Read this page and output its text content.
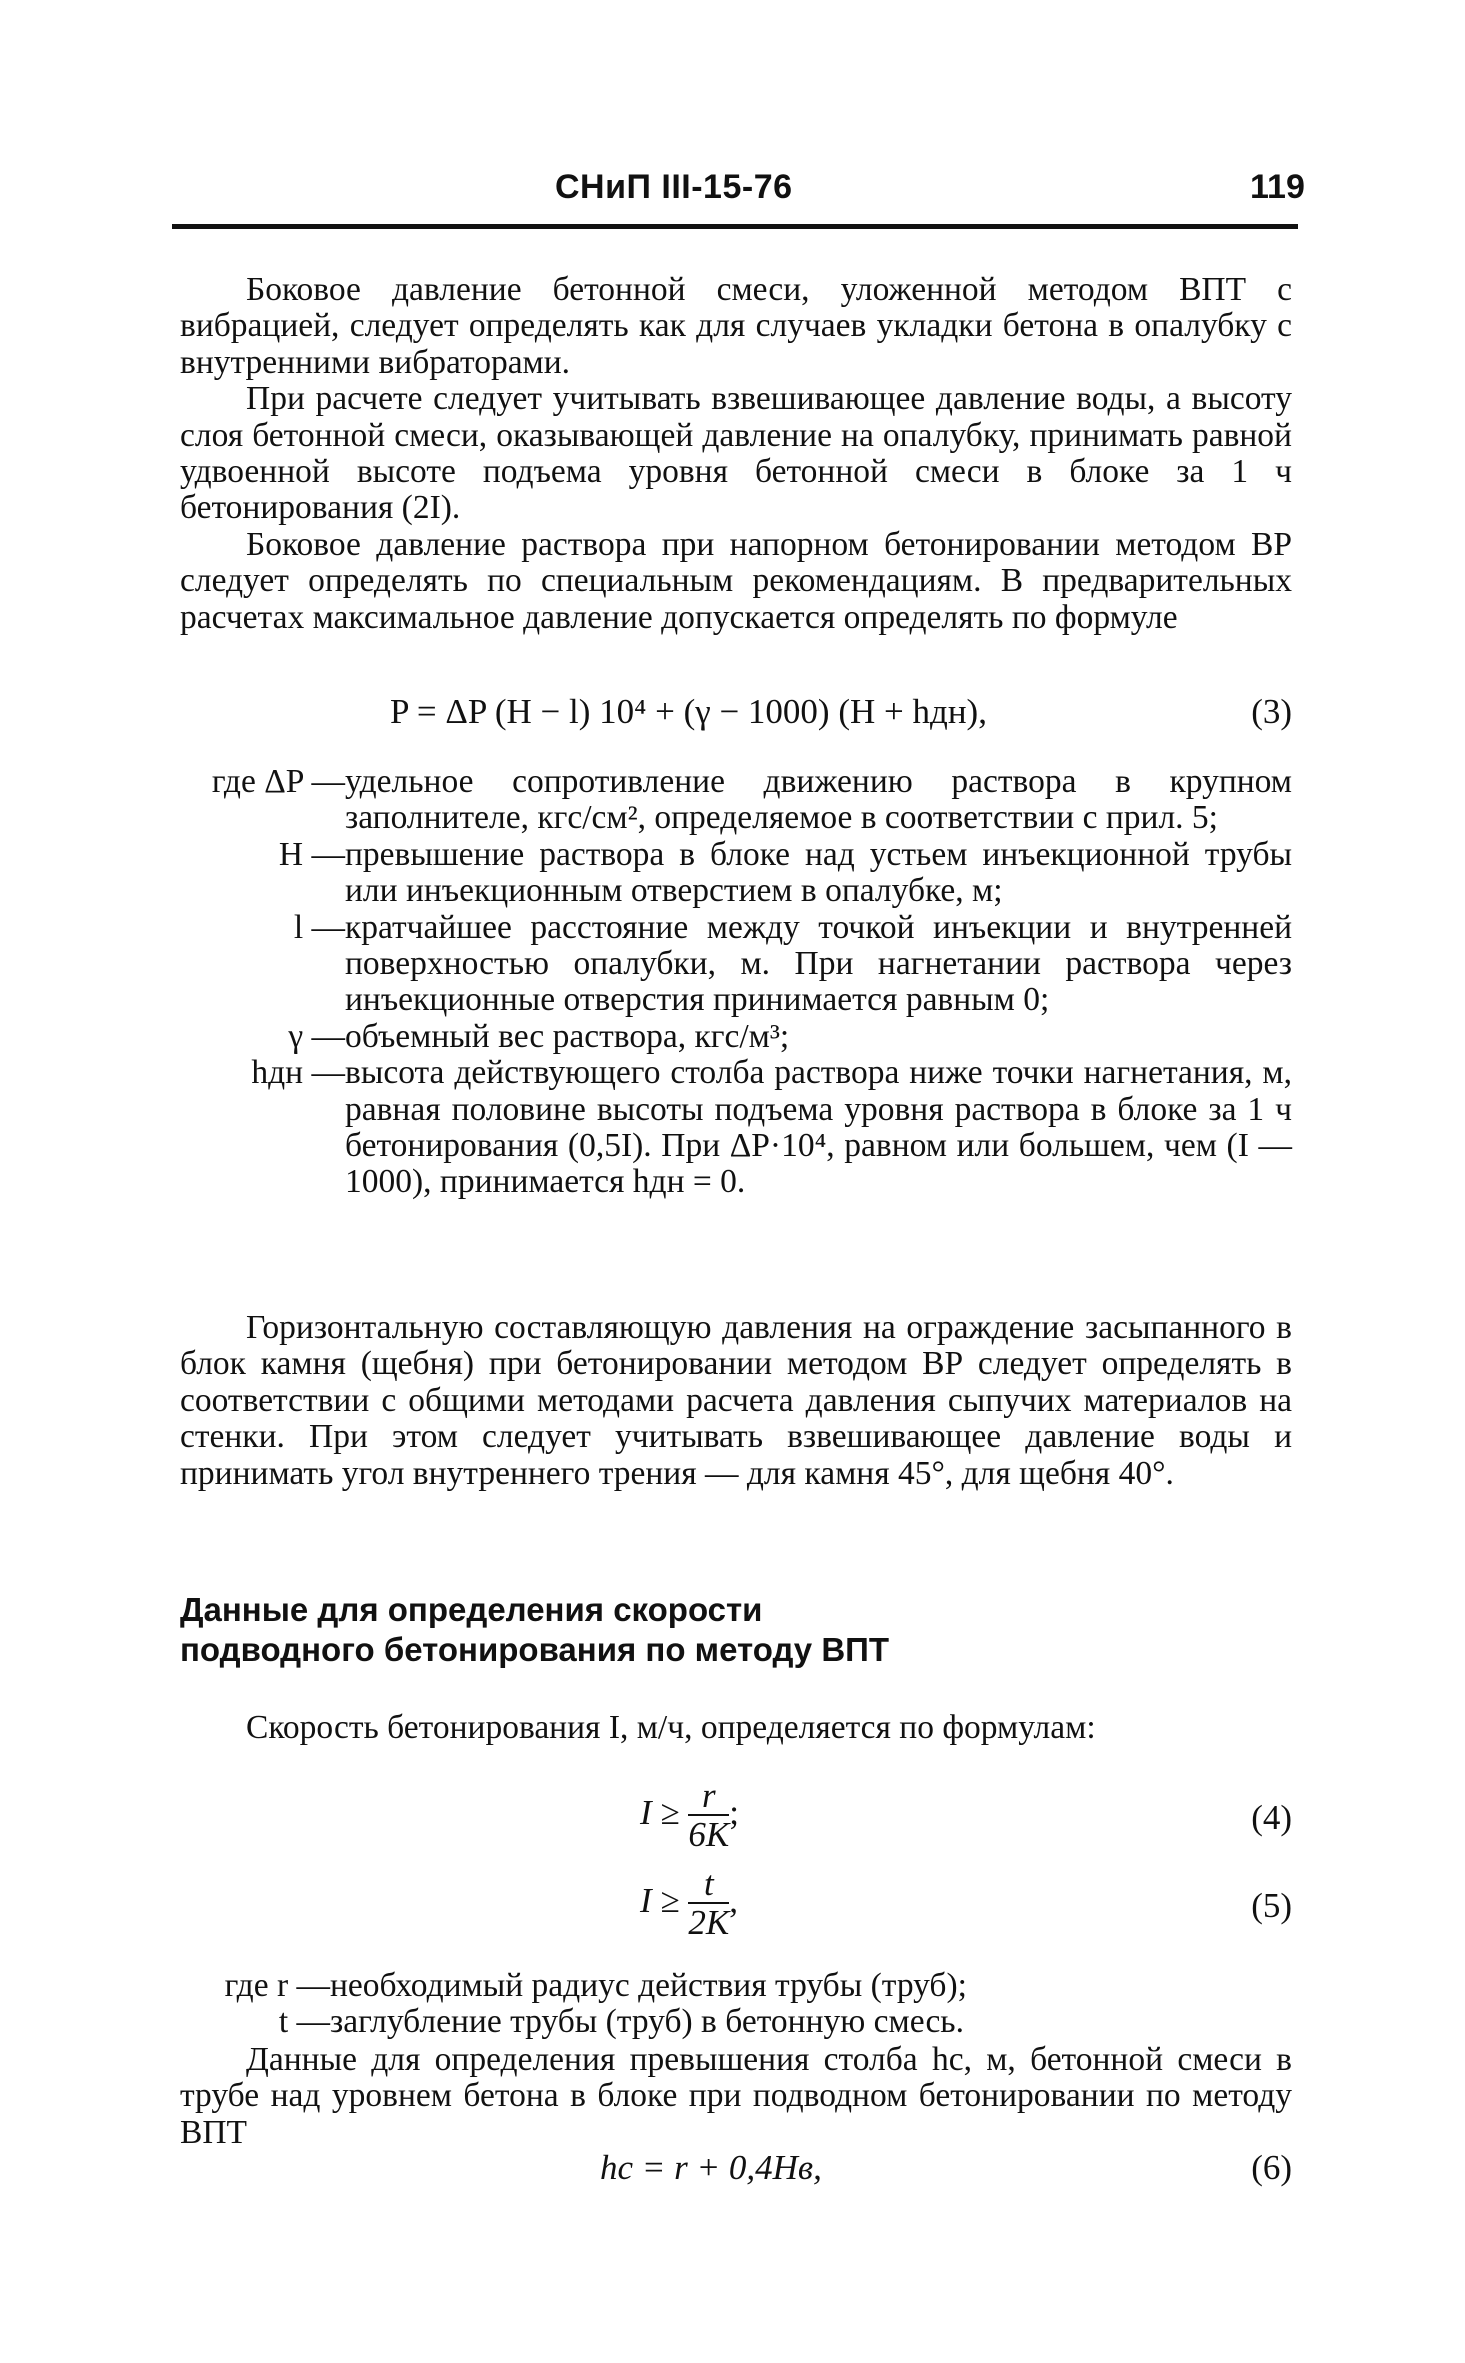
СНиП III-15-76	119

Боковое давление бетонной смеси, уложенной методом ВПТ с вибрацией, следует определять как для случаев укладки бетона в опалубку с внутренними вибраторами.

При расчете следует учитывать взвешивающее давление воды, а высоту слоя бетонной смеси, оказывающей давление на опалубку, принимать равной удвоенной высоте подъема уровня бетонной смеси в блоке за 1 ч бетонирования (2I).

Боковое давление раствора при напорном бетонировании методом ВР следует определять по специальным рекомендациям. В предварительных расчетах максимальное давление допускается определять по формуле

P = ΔP (H − l) 10⁴ + (γ − 1000) (H + hдн),	(3)

где ΔP — удельное сопротивление движению раствора в крупном заполнителе, кгс/см², определяемое в соответствии с прил. 5;

H — превышение раствора в блоке над устьем инъекционной трубы или инъекционным отверстием в опалубке, м;

l — кратчайшее расстояние между точкой инъекции и внутренней поверхностью опалубки, м. При нагнетании раствора через инъекционные отверстия принимается равным 0;

γ — объемный вес раствора, кгс/м³;

hдн — высота действующего столба раствора ниже точки нагнетания, м, равная половине высоты подъема уровня раствора в блоке за 1 ч бетонирования (0,5I). При ΔP·10⁴, равном или большем, чем (I — 1000), принимается hдн = 0.

Горизонтальную составляющую давления на ограждение засыпанного в блок камня (щебня) при бетонировании методом ВР следует определять в соответствии с общими методами расчета давления сыпучих материалов на стенки. При этом следует учитывать взвешивающее давление воды и принимать угол внутреннего трения — для камня 45°, для щебня 40°.

Данные для определения скорости
подводного бетонирования по методу ВПТ

Скорость бетонирования I, м/ч, определяется по формулам:

$I \ge \frac{r}{6K}$ ;	(4)
$I \ge \frac{t}{2K}$ ,	(5)

где r — необходимый радиус действия трубы (труб);

t — заглубление трубы (труб) в бетонную смесь.

Данные для определения превышения столба hc, м, бетонной смеси в трубе над уровнем бетона в блоке при подводном бетонировании по методу ВПТ

hc = r + 0,4Hв,	(6)
